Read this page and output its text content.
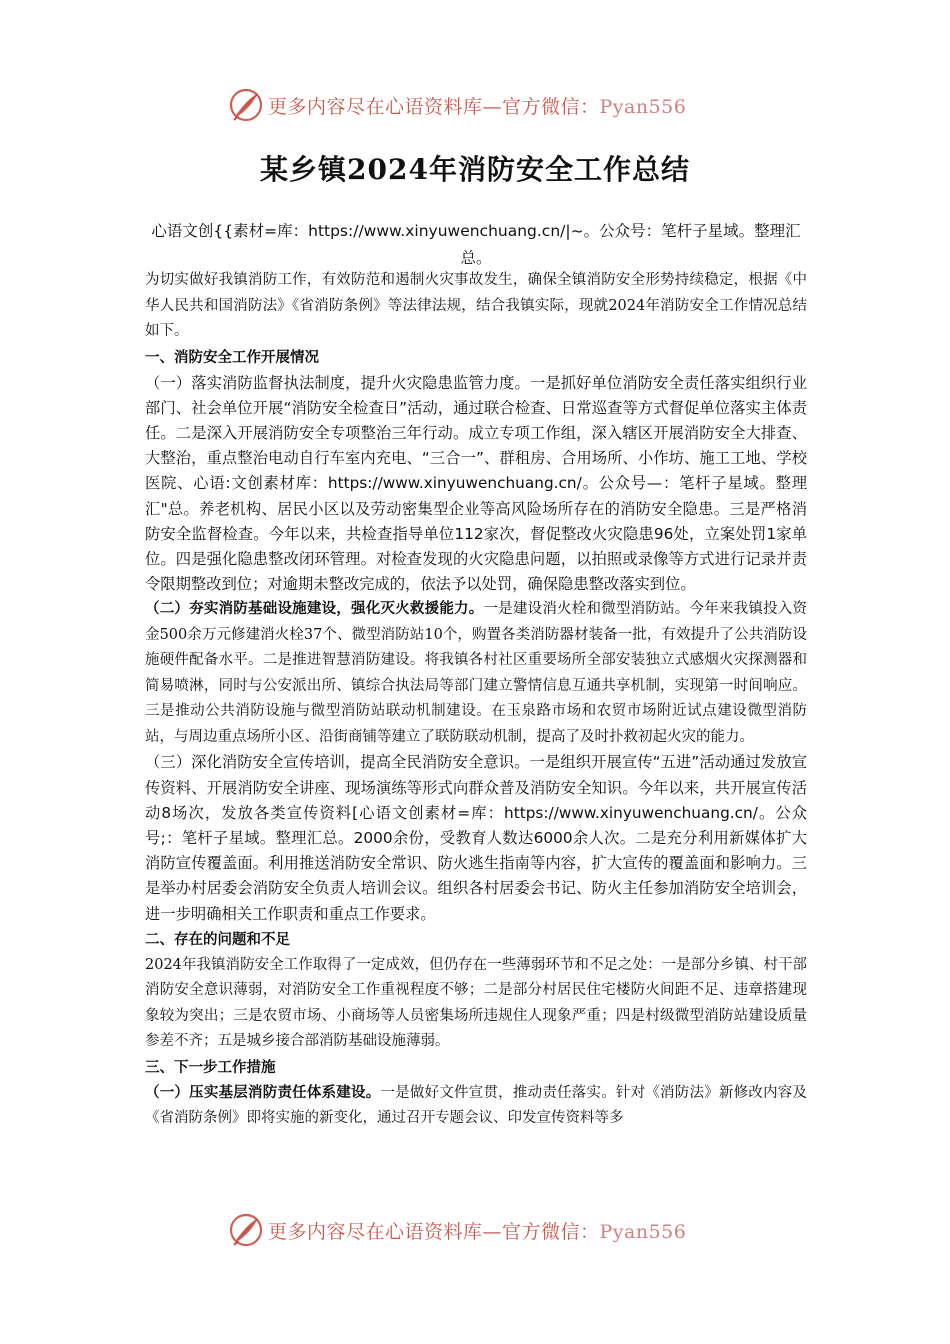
更多内容尽在心语资料库—官方微信：Pyan556
某乡镇2024年消防安全工作总结
心语文创{{素材=库：https://www.xinyuwenchuang.cn/|~。公众号：笔杆子星域。整理汇总。

为切实做好我镇消防工作，有效防范和遏制火灾事故发生，确保全镇消防安全形势持续稳定，根据《中华人民共和国消防法》《省消防条例》等法律法规，结合我镇实际，现就2024年消防安全工作情况总结如下。

一、消防安全工作开展情况

（一）落实消防监督执法制度，提升火灾隐患监管力度。一是抓好单位消防安全责任落实组织行业部门、社会单位开展“消防安全检查日”活动，通过联合检查、日常巡查等方式督促单位落实主体责任。二是深入开展消防安全专项整治三年行动。成立专项工作组，深入辖区开展消防安全大排查、大整治，重点整治电动自行车室内充电、“三合一”、群租房、合用场所、小作坊、施工工地、学校医院、心语:文创素材库：https://www.xinyuwenchuang.cn/。公众号—：笔杆子星域。整理汇"总。养老机构、居民小区以及劳动密集型企业等高风险场所存在的消防安全隐患。三是严格消防安全监督检查。今年以来，共检查指导单位112家次，督促整改火灾隐患96处，立案处罚1家单位。四是强化隐患整改闭环管理。对检查发现的火灾隐患问题，以拍照或录像等方式进行记录并责令限期整改到位；对逾期未整改完成的，依法予以处罚，确保隐患整改落实到位。

（二）夯实消防基础设施建设，强化灭火救援能力。一是建设消火栓和微型消防站。今年来我镇投入资金500余万元修建消火栓37个、微型消防站10个，购置各类消防器材装备一批，有效提升了公共消防设施硬件配备水平。二是推进智慧消防建设。将我镇各村社区重要场所全部安装独立式感烟火灾探测器和简易喷淋，同时与公安派出所、镇综合执法局等部门建立警情信息互通共享机制，实现第一时间响应。三是推动公共消防设施与微型消防站联动机制建设。在玉泉路市场和农贸市场附近试点建设微型消防站，与周边重点场所小区、沿街商铺等建立了联防联动机制，提高了及时扑救初起火灾的能力。

（三）深化消防安全宣传培训，提高全民消防安全意识。一是组织开展宣传“五进”活动通过发放宣传资料、开展消防安全讲座、现场演练等形式向群众普及消防安全知识。今年以来，共开展宣传活动8场次，发放各类宣传资料[心语文创素材=库：https://www.xinyuwenchuang.cn/。公众号;：笔杆子星域。整理汇总。2000余份，受教育人数达6000余人次。二是充分利用新媒体扩大消防宣传覆盖面。利用推送消防安全常识、防火逃生指南等内容，扩大宣传的覆盖面和影响力。三是举办村居委会消防安全负责人培训会议。组织各村居委会书记、防火主任参加消防安全培训会，进一步明确相关工作职责和重点工作要求。

二、存在的问题和不足

2024年我镇消防安全工作取得了一定成效，但仍存在一些薄弱环节和不足之处：一是部分乡镇、村干部消防安全意识薄弱，对消防安全工作重视程度不够；二是部分村居民住宅楼防火间距不足、违章搭建现象较为突出；三是农贸市场、小商场等人员密集场所违规住人现象严重；四是村级微型消防站建设质量参差不齐；五是城乡接合部消防基础设施薄弱。

三、下一步工作措施

（一）压实基层消防责任体系建设。一是做好文件宣贯，推动责任落实。针对《消防法》新修改内容及《省消防条例》即将实施的新变化，通过召开专题会议、印发宣传资料等多

更多内容尽在心语资料库—官方微信：Pyan556
